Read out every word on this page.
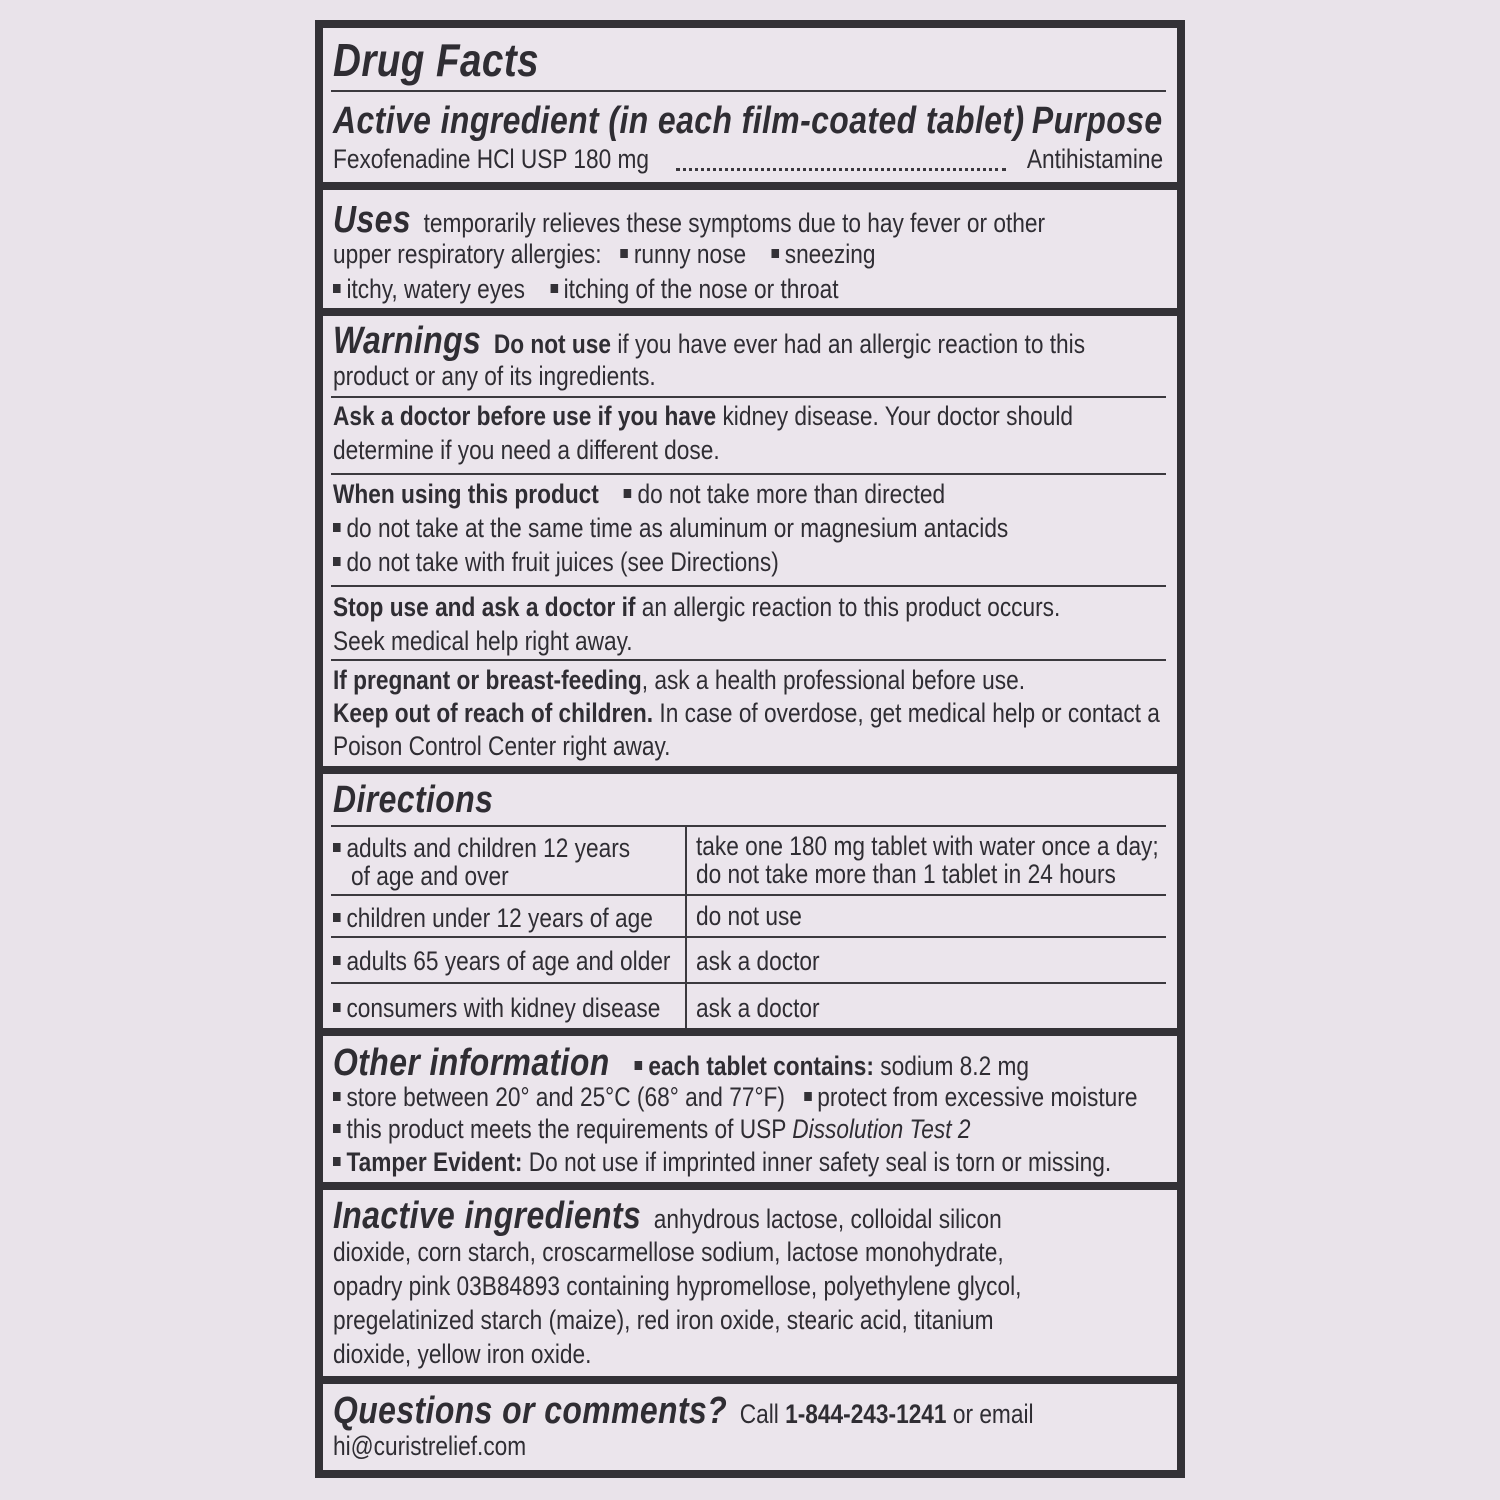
Drug Facts
Active ingredient (in each film-coated tablet) Purpose
Fexofenadine HCl USP 180 mg	Antihistamine
Uses temporarily relieves these symptoms due to hay fever or other
upper respiratory allergies: runny nose sneezing
itchy, watery eyes itching of the nose or throat
Warnings Do not use if you have ever had an allergic reaction to this
product or any of its ingredients.
Ask a doctor before use if you have kidney disease. Your doctor should
determine if you need a different dose.
When using this product do not take more than directed
do not take at the same time as aluminum or magnesium antacids
do not take with fruit juices (see Directions)
Stop use and ask a doctor if an allergic reaction to this product occurs.
Seek medical help right away.
If pregnant or breast-feeding, ask a health professional before use.
Keep out of reach of children. In case of overdose, get medical help or contact a
Poison Control Center right away.
Directions
adults and children 12 years
of age and over
take one 180 mg tablet with water once a day;
do not take more than 1 tablet in 24 hours
children under 12 years of age do not use
adults 65 years of age and older ask a doctor
consumers with kidney disease ask a doctor
Other information each tablet contains: sodium 8.2 mg
store between 20° and 25°C (68° and 77°F) protect from excessive moisture
this product meets the requirements of USP Dissolution Test 2
Tamper Evident: Do not use if imprinted inner safety seal is torn or missing.
Inactive ingredients anhydrous lactose, colloidal silicon
dioxide, corn starch, croscarmellose sodium, lactose monohydrate,
opadry pink 03B84893 containing hypromellose, polyethylene glycol,
pregelatinized starch (maize), red iron oxide, stearic acid, titanium
dioxide, yellow iron oxide.
Questions or comments? Call 1-844-243-1241 or email
hi@curistrelief.com
